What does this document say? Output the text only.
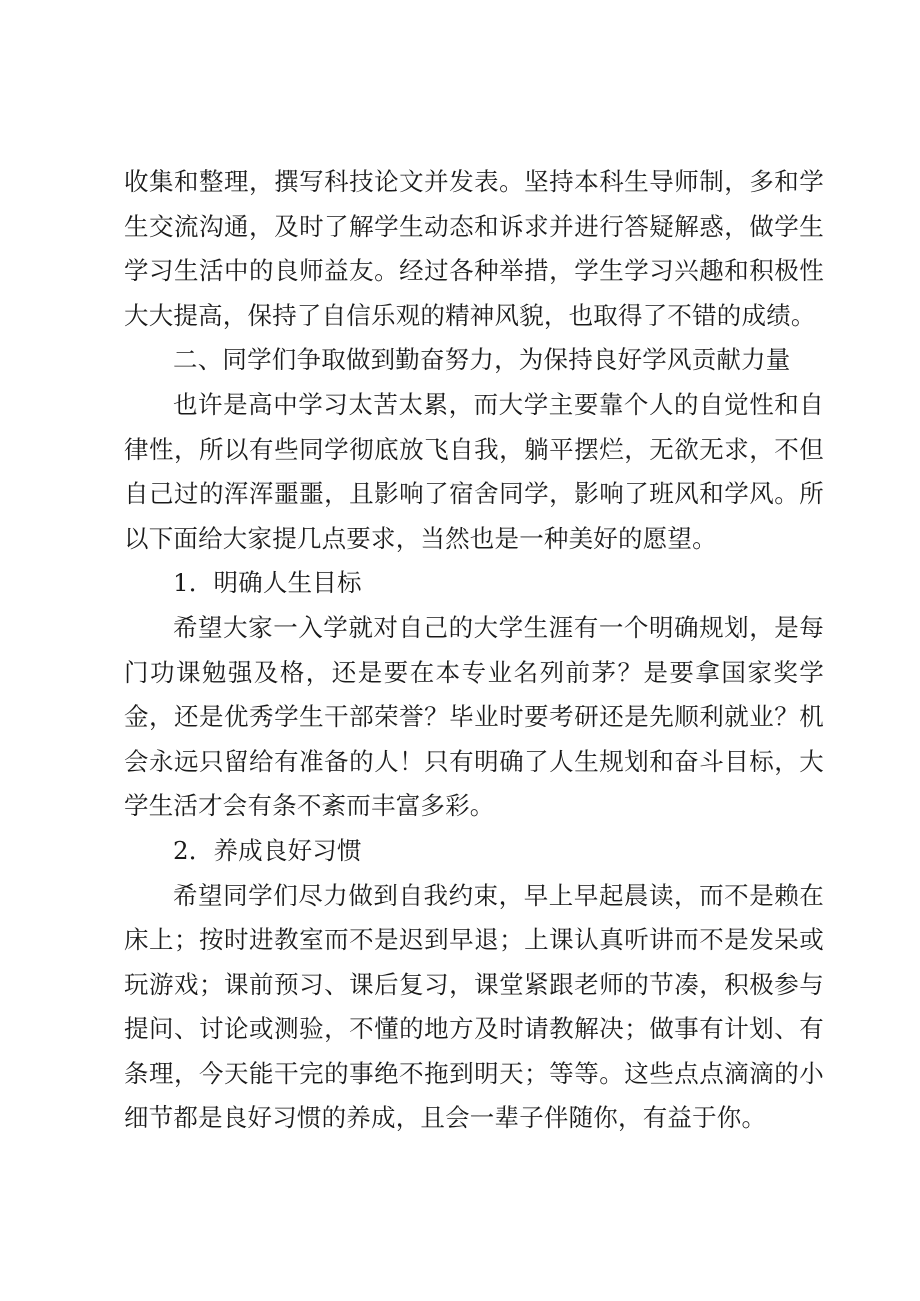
收集和整理，撰写科技论文并发表。坚持本科生导师制，多和学生交流沟通，及时了解学生动态和诉求并进行答疑解惑，做学生学习生活中的良师益友。经过各种举措，学生学习兴趣和积极性大大提高，保持了自信乐观的精神风貌，也取得了不错的成绩。

二、同学们争取做到勤奋努力，为保持良好学风贡献力量

也许是高中学习太苦太累，而大学主要靠个人的自觉性和自律性，所以有些同学彻底放飞自我，躺平摆烂，无欲无求，不但自己过的浑浑噩噩，且影响了宿舍同学，影响了班风和学风。所以下面给大家提几点要求，当然也是一种美好的愿望。

1．明确人生目标

希望大家一入学就对自己的大学生涯有一个明确规划，是每门功课勉强及格，还是要在本专业名列前茅？是要拿国家奖学金，还是优秀学生干部荣誉？毕业时要考研还是先顺利就业？机会永远只留给有准备的人！只有明确了人生规划和奋斗目标，大学生活才会有条不紊而丰富多彩。

2．养成良好习惯

希望同学们尽力做到自我约束，早上早起晨读，而不是赖在床上；按时进教室而不是迟到早退；上课认真听讲而不是发呆或玩游戏；课前预习、课后复习，课堂紧跟老师的节凑，积极参与提问、讨论或测验，不懂的地方及时请教解决；做事有计划、有条理，今天能干完的事绝不拖到明天；等等。这些点点滴滴的小细节都是良好习惯的养成，且会一辈子伴随你，有益于你。
